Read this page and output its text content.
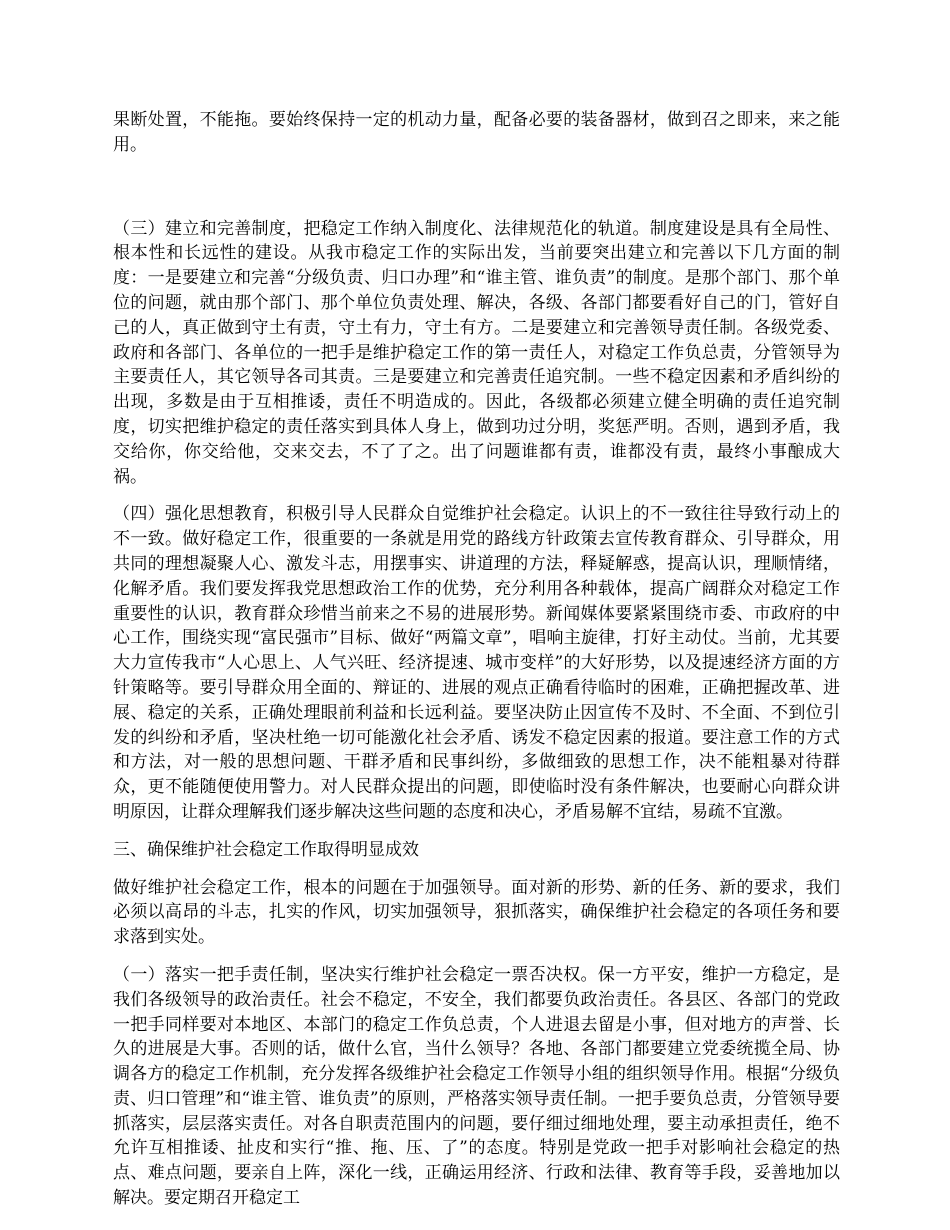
果断处置，不能拖。要始终保持一定的机动力量，配备必要的装备器材，做到召之即来，来之能用。

（三）建立和完善制度，把稳定工作纳入制度化、法律规范化的轨道。制度建设是具有全局性、根本性和长远性的建设。从我市稳定工作的实际出发，当前要突出建立和完善以下几方面的制度：一是要建立和完善“分级负责、归口办理”和“谁主管、谁负责”的制度。是那个部门、那个单位的问题，就由那个部门、那个单位负责处理、解决，各级、各部门都要看好自己的门，管好自己的人，真正做到守土有责，守土有力，守土有方。二是要建立和完善领导责任制。各级党委、政府和各部门、各单位的一把手是维护稳定工作的第一责任人，对稳定工作负总责，分管领导为主要责任人，其它领导各司其责。三是要建立和完善责任追究制。一些不稳定因素和矛盾纠纷的出现，多数是由于互相推诿，责任不明造成的。因此，各级都必须建立健全明确的责任追究制度，切实把维护稳定的责任落实到具体人身上，做到功过分明，奖惩严明。否则，遇到矛盾，我交给你，你交给他，交来交去，不了了之。出了问题谁都有责，谁都没有责，最终小事酿成大祸。

（四）强化思想教育，积极引导人民群众自觉维护社会稳定。认识上的不一致往往导致行动上的不一致。做好稳定工作，很重要的一条就是用党的路线方针政策去宣传教育群众、引导群众，用共同的理想凝聚人心、激发斗志，用摆事实、讲道理的方法，释疑解惑，提高认识，理顺情绪，化解矛盾。我们要发挥我党思想政治工作的优势，充分利用各种载体，提高广阔群众对稳定工作重要性的认识，教育群众珍惜当前来之不易的进展形势。新闻媒体要紧紧围绕市委、市政府的中心工作，围绕实现“富民强市”目标、做好“两篇文章”，唱响主旋律，打好主动仗。当前，尤其要大力宣传我市“人心思上、人气兴旺、经济提速、城市变样”的大好形势，以及提速经济方面的方针策略等。要引导群众用全面的、辩证的、进展的观点正确看待临时的困难，正确把握改革、进展、稳定的关系，正确处理眼前利益和长远利益。要坚决防止因宣传不及时、不全面、不到位引发的纠纷和矛盾，坚决杜绝一切可能激化社会矛盾、诱发不稳定因素的报道。要注意工作的方式和方法，对一般的思想问题、干群矛盾和民事纠纷，多做细致的思想工作，决不能粗暴对待群众，更不能随便使用警力。对人民群众提出的问题，即使临时没有条件解决，也要耐心向群众讲明原因，让群众理解我们逐步解决这些问题的态度和决心，矛盾易解不宜结，易疏不宜激。

三、确保维护社会稳定工作取得明显成效

做好维护社会稳定工作，根本的问题在于加强领导。面对新的形势、新的任务、新的要求，我们必须以高昂的斗志，扎实的作风，切实加强领导，狠抓落实，确保维护社会稳定的各项任务和要求落到实处。

（一）落实一把手责任制，坚决实行维护社会稳定一票否决权。保一方平安，维护一方稳定，是我们各级领导的政治责任。社会不稳定，不安全，我们都要负政治责任。各县区、各部门的党政一把手同样要对本地区、本部门的稳定工作负总责，个人进退去留是小事，但对地方的声誉、长久的进展是大事。否则的话，做什么官，当什么领导？各地、各部门都要建立党委统揽全局、协调各方的稳定工作机制，充分发挥各级维护社会稳定工作领导小组的组织领导作用。根据“分级负责、归口管理”和“谁主管、谁负责”的原则，严格落实领导责任制。一把手要负总责，分管领导要抓落实，层层落实责任。对各自职责范围内的问题，要仔细过细地处理，要主动承担责任，绝不允许互相推诿、扯皮和实行“推、拖、压、了”的态度。特别是党政一把手对影响社会稳定的热点、难点问题，要亲自上阵，深化一线，正确运用经济、行政和法律、教育等手段，妥善地加以解决。要定期召开稳定工
